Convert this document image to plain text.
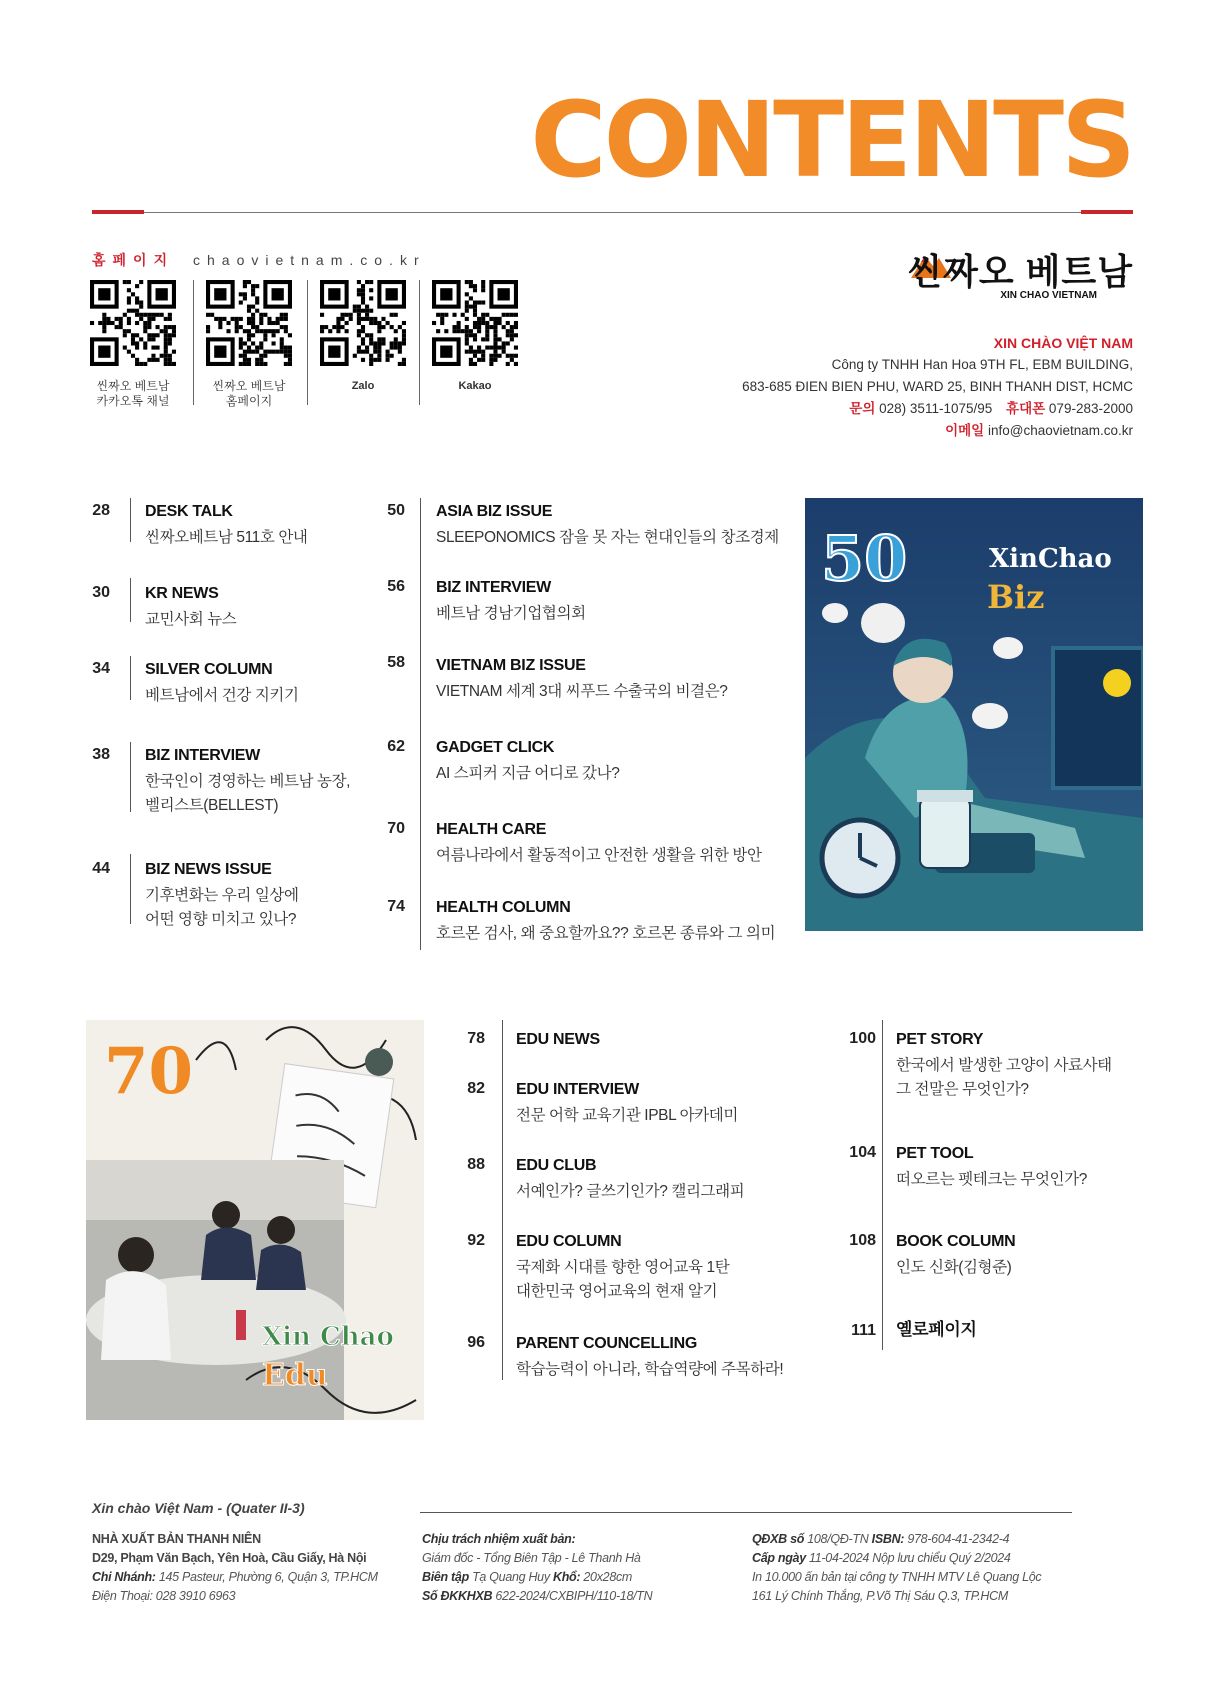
CONTENTS
홈페이지 chaovietnam.co.kr
씬짜오 베트남
카카오톡 채널
씬짜오 베트남
홈페이지
Zalo	Kakao
씬짜오 베트남
XIN CHAO VIETNAM
XIN CHÀO VIỆT NAM
Công ty TNHH Han Hoa 9TH FL, EBM BUILDING,
683-685 ĐIEN BIEN PHU, WARD 25, BINH THANH DIST, HCMC
문의 028) 3511-1075/95 휴대폰 079-283-2000
이메일 info@chaovietnam.co.kr
28 DESK TALK
씬짜오베트남 511호 안내
30 KR NEWS
교민사회 뉴스
34 SILVER COLUMN
베트남에서 건강 지키기
38 BIZ INTERVIEW
한국인이 경영하는 베트남 농장,
벨리스트(BELLEST)
44 BIZ NEWS ISSUE
기후변화는 우리 일상에
어떤 영향 미치고 있나?
50 ASIA BIZ ISSUE
SLEEPONOMICS 잠을 못 자는 현대인들의 창조경제
56 BIZ INTERVIEW
베트남 경남기업협의회
58 VIETNAM BIZ ISSUE
VIETNAM 세계 3대 씨푸드 수출국의 비결은?
62 GADGET CLICK
AI 스피커 지금 어디로 갔나?
70 HEALTH CARE
여름나라에서 활동적이고 안전한 생활을 위한 방안
74 HEALTH COLUMN
호르몬 검사, 왜 중요할까요?? 호르몬 종류와 그 의미
50	XinChao
Biz
70
Xin Chao
Edu
78 EDU NEWS
82 EDU INTERVIEW
전문 어학 교육기관 IPBL 아카데미
88 EDU CLUB
서예인가? 글쓰기인가? 캘리그래피
92 EDU COLUMN
국제화 시대를 향한 영어교육 1탄
대한민국 영어교육의 현재 알기
96 PARENT COUNCELLING
학습능력이 아니라, 학습역량에 주목하라!
100 PET STORY
한국에서 발생한 고양이 사료사태
그 전말은 무엇인가?
104 PET TOOL
떠오르는 펫테크는 무엇인가?
108 BOOK COLUMN
인도 신화(김형준)
111 옐로페이지
Xin chào Việt Nam - (Quater II-3)
NHÀ XUẤT BẢN THANH NIÊN
D29, Phạm Văn Bạch, Yên Hoà, Cầu Giấy, Hà Nội
Chi Nhánh: 145 Pasteur, Phường 6, Quận 3, TP.HCM
Điện Thoại: 028 3910 6963
Chịu trách nhiệm xuất bản:
Giám đốc - Tổng Biên Tập - Lê Thanh Hà
Biên tập Tạ Quang Huy Khổ: 20x28cm
Số ĐKKHXB 622-2024/CXBIPH/110-18/TN
QĐXB số 108/QĐ-TN ISBN: 978-604-41-2342-4
Cấp ngày 11-04-2024 Nộp lưu chiểu Quý 2/2024
In 10.000 ấn bản tại công ty TNHH MTV Lê Quang Lộc
161 Lý Chính Thắng, P.Võ Thị Sáu Q.3, TP.HCM
